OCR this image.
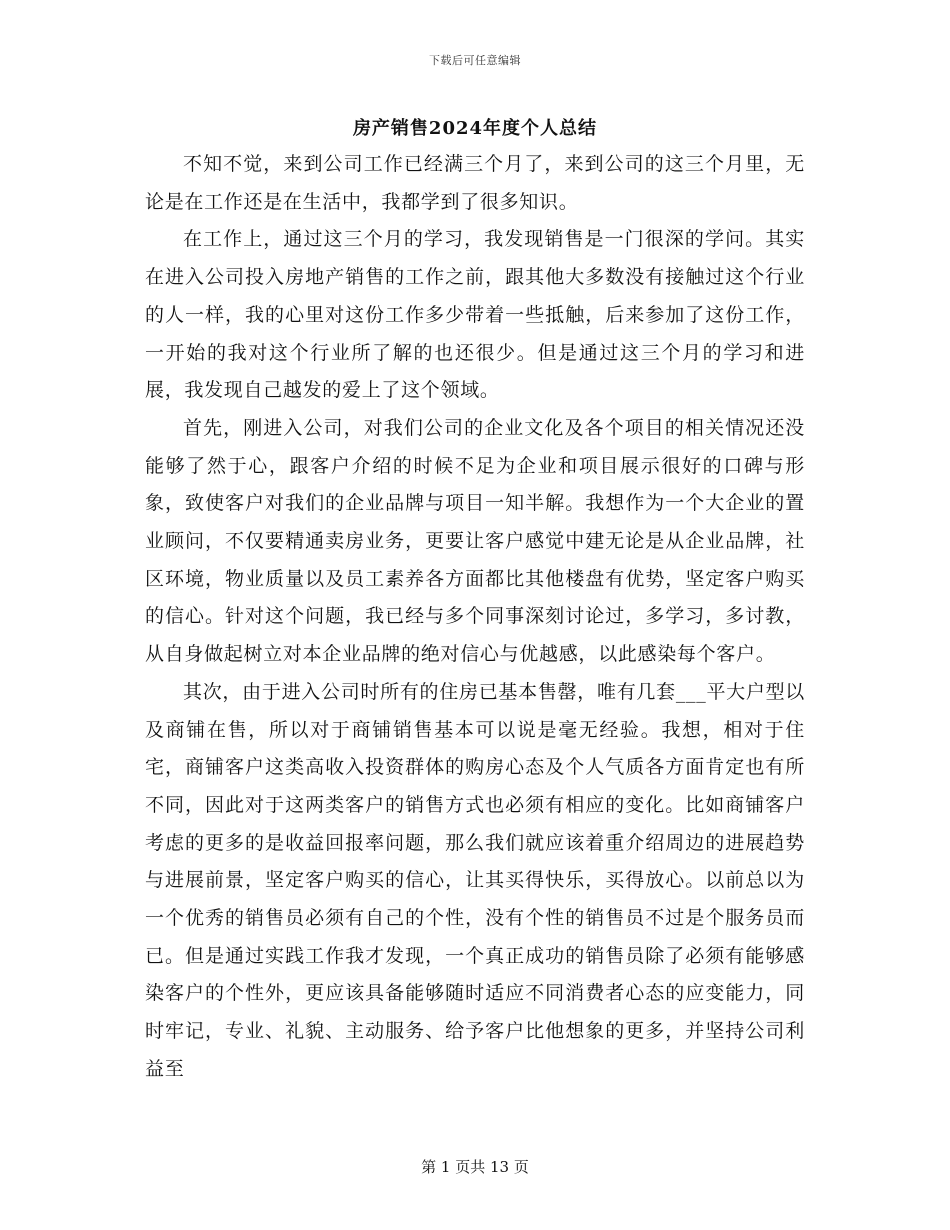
下载后可任意编辑
房产销售2024年度个人总结

不知不觉，来到公司工作已经满三个月了，来到公司的这三个月里，无论是在工作还是在生活中，我都学到了很多知识。

在工作上，通过这三个月的学习，我发现销售是一门很深的学问。其实在进入公司投入房地产销售的工作之前，跟其他大多数没有接触过这个行业的人一样，我的心里对这份工作多少带着一些抵触，后来参加了这份工作，一开始的我对这个行业所了解的也还很少。但是通过这三个月的学习和进展，我发现自己越发的爱上了这个领域。

首先，刚进入公司，对我们公司的企业文化及各个项目的相关情况还没能够了然于心，跟客户介绍的时候不足为企业和项目展示很好的口碑与形象，致使客户对我们的企业品牌与项目一知半解。我想作为一个大企业的置业顾问，不仅要精通卖房业务，更要让客户感觉中建无论是从企业品牌，社区环境，物业质量以及员工素养各方面都比其他楼盘有优势，坚定客户购买的信心。针对这个问题，我已经与多个同事深刻讨论过，多学习，多讨教，从自身做起树立对本企业品牌的绝对信心与优越感，以此感染每个客户。

其次，由于进入公司时所有的住房已基本售罄，唯有几套___平大户型以及商铺在售，所以对于商铺销售基本可以说是毫无经验。我想，相对于住宅，商铺客户这类高收入投资群体的购房心态及个人气质各方面肯定也有所不同，因此对于这两类客户的销售方式也必须有相应的变化。比如商铺客户考虑的更多的是收益回报率问题，那么我们就应该着重介绍周边的进展趋势与进展前景，坚定客户购买的信心，让其买得快乐，买得放心。以前总以为一个优秀的销售员必须有自己的个性，没有个性的销售员不过是个服务员而已。但是通过实践工作我才发现，一个真正成功的销售员除了必须有能够感染客户的个性外，更应该具备能够随时适应不同消费者心态的应变能力，同时牢记，专业、礼貌、主动服务、给予客户比他想象的更多，并坚持公司利益至

第 1 页共 13 页
